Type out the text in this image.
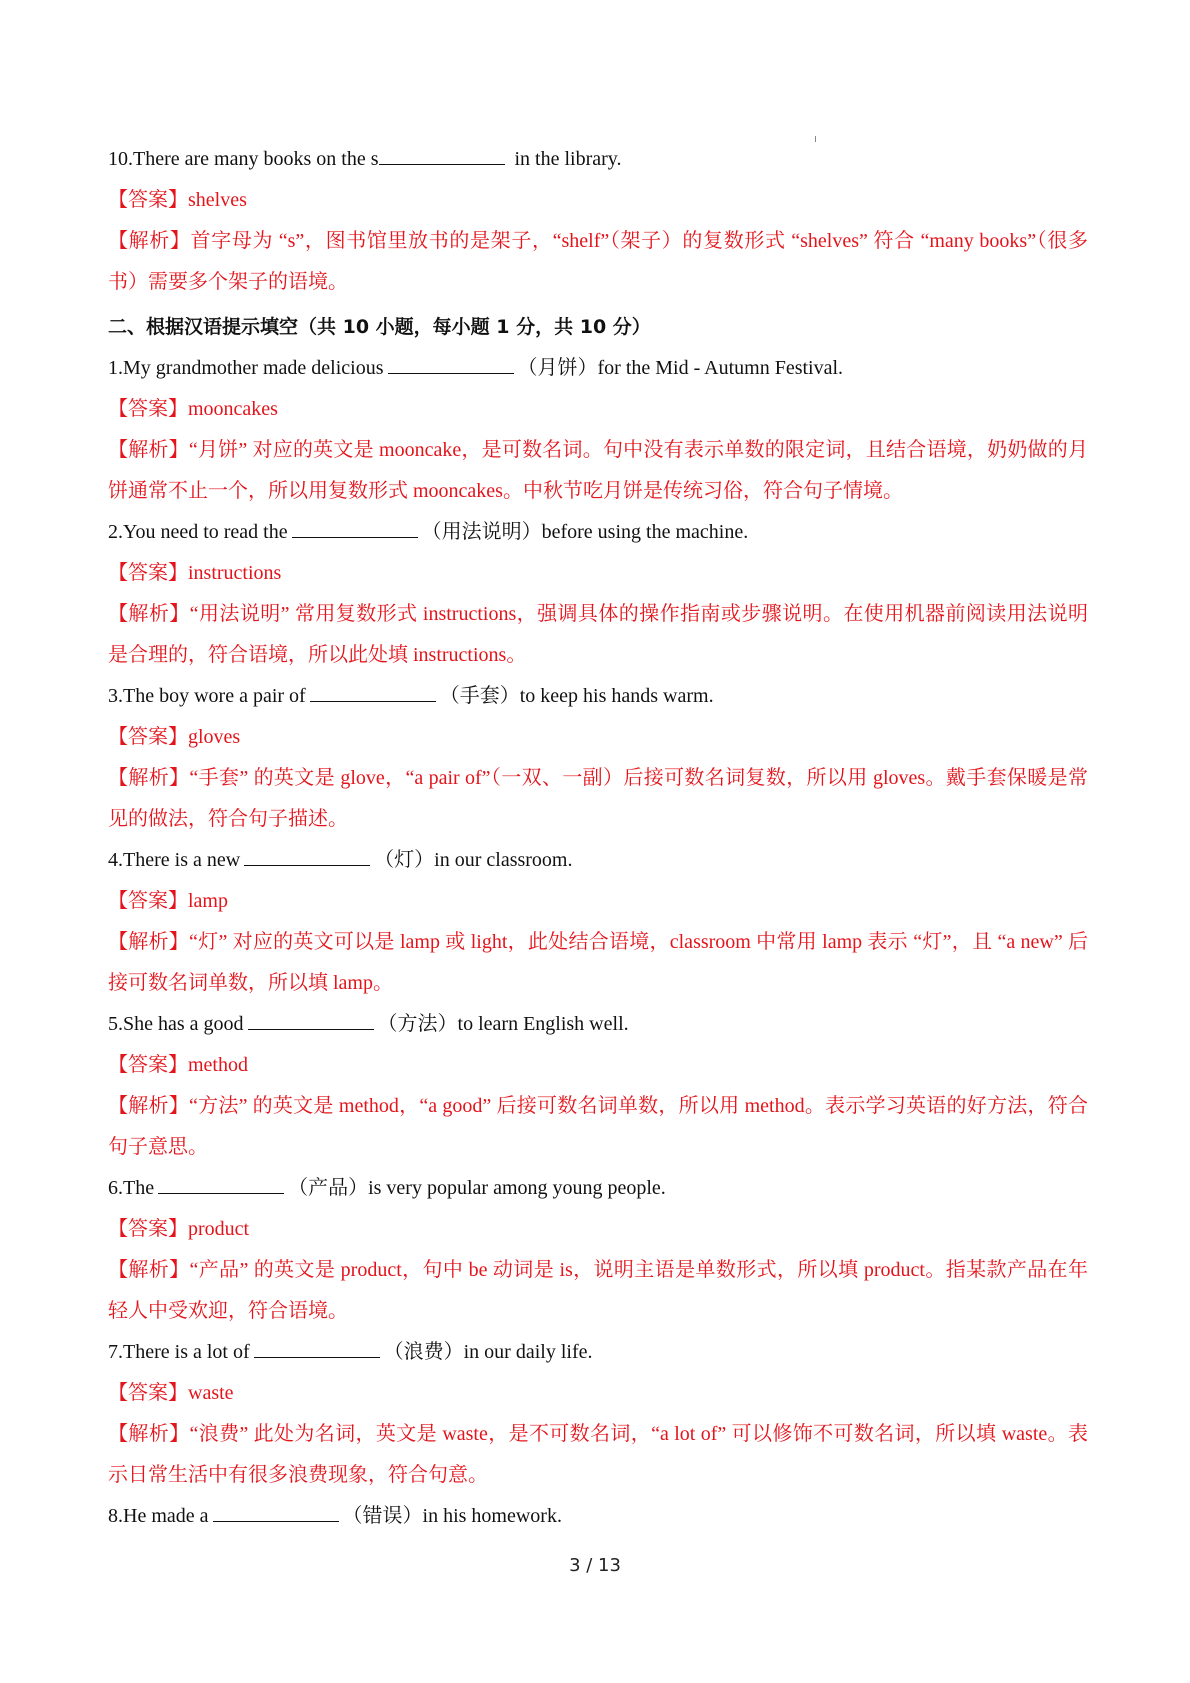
10.There are many books on the s	in the library.
【答案】shelves
【解析】首字母为 “s”，图书馆里放书的是架子，“shelf”（架子）的复数形式 “shelves” 符合 “many books”（很多书）需要多个架子的语境。
二、根据汉语提示填空（共 10 小题，每小题 1 分，共 10 分）
1.My grandmother made delicious	（月饼）for the Mid - Autumn Festival.
【答案】mooncakes
【解析】“月饼” 对应的英文是 mooncake，是可数名词。句中没有表示单数的限定词，且结合语境，奶奶做的月饼通常不止一个，所以用复数形式 mooncakes。中秋节吃月饼是传统习俗，符合句子情境。
2.You need to read the	（用法说明）before using the machine.
【答案】instructions
【解析】“用法说明” 常用复数形式 instructions，强调具体的操作指南或步骤说明。在使用机器前阅读用法说明是合理的，符合语境，所以此处填 instructions。
3.The boy wore a pair of	（手套）to keep his hands warm.
【答案】gloves
【解析】“手套” 的英文是 glove，“a pair of”（一双、一副）后接可数名词复数，所以用 gloves。戴手套保暖是常见的做法，符合句子描述。
4.There is a new	（灯）in our classroom.
【答案】lamp
【解析】“灯” 对应的英文可以是 lamp 或 light，此处结合语境，classroom 中常用 lamp 表示 “灯”，且 “a new” 后接可数名词单数，所以填 lamp。
5.She has a good	（方法）to learn English well.
【答案】method
【解析】“方法” 的英文是 method，“a good” 后接可数名词单数，所以用 method。表示学习英语的好方法，符合句子意思。
6.The	（产品）is very popular among young people.
【答案】product
【解析】“产品” 的英文是 product，句中 be 动词是 is，说明主语是单数形式，所以填 product。指某款产品在年轻人中受欢迎，符合语境。
7.There is a lot of	（浪费）in our daily life.
【答案】waste
【解析】“浪费” 此处为名词，英文是 waste，是不可数名词，“a lot of” 可以修饰不可数名词，所以填 waste。表示日常生活中有很多浪费现象，符合句意。
8.He made a	（错误）in his homework.
3 / 13
